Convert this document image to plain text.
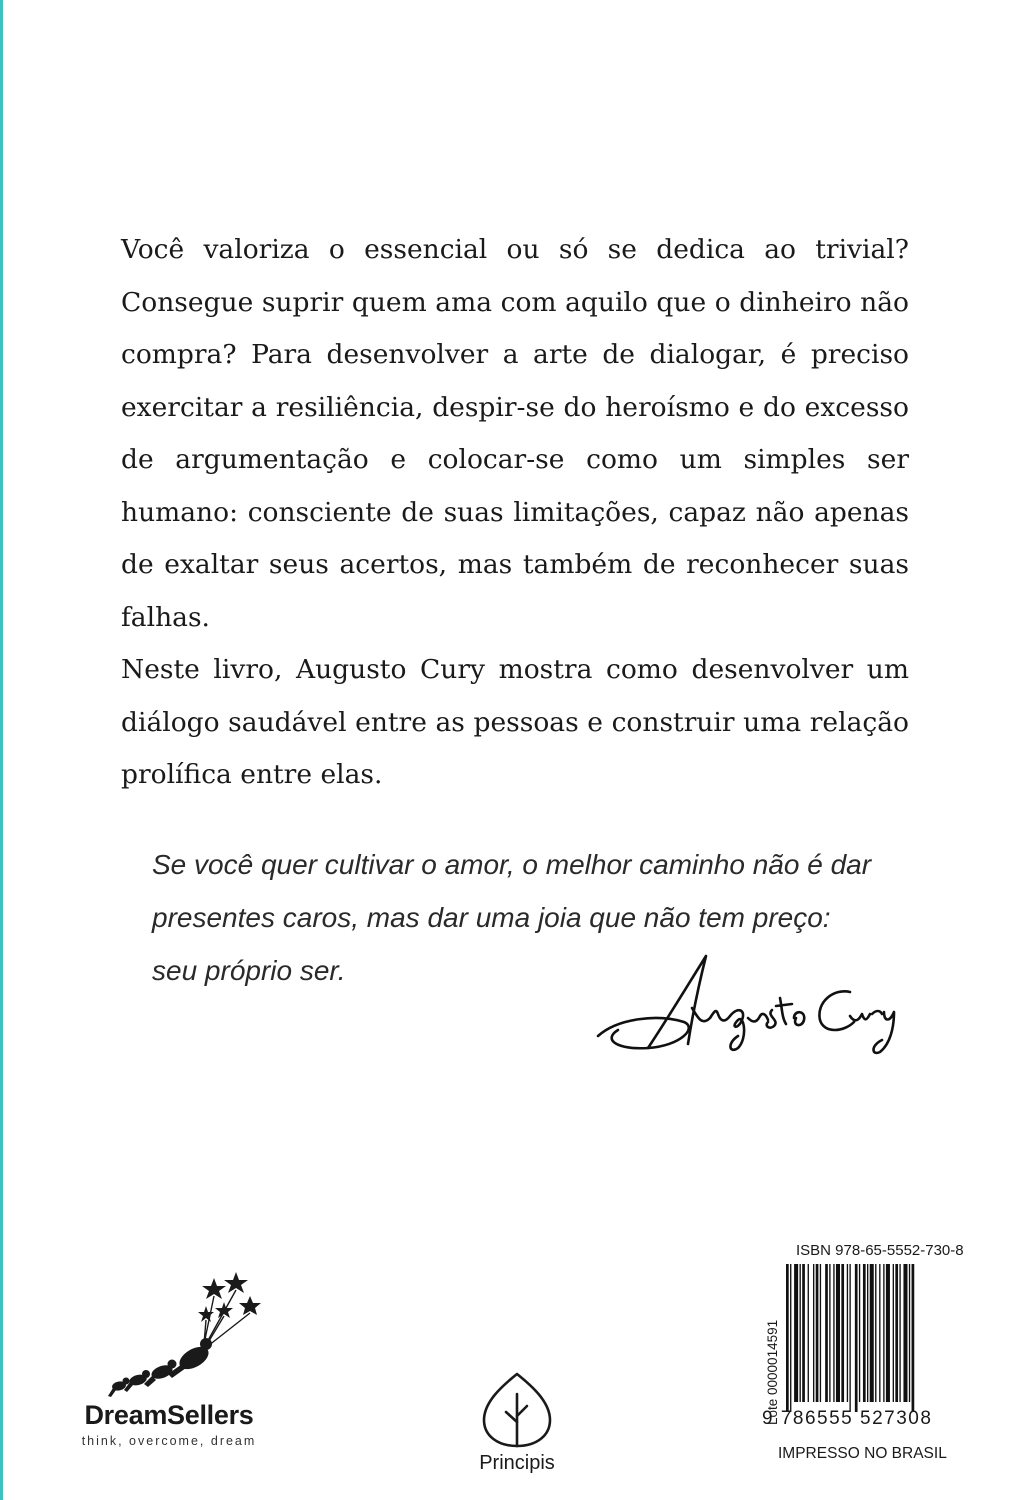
Você valoriza o essencial ou só se dedica ao trivial? Consegue suprir quem ama com aquilo que o dinheiro não compra? Para desenvolver a arte de dialogar, é preciso exercitar a resiliência, despir-se do heroísmo e do excesso de argumentação e colocar-se como um simples ser humano: consciente de suas limitações, capaz não apenas de exaltar seus acertos, mas também de reconhecer suas falhas.

Neste livro, Augusto Cury mostra como desenvolver um diálogo saudável entre as pessoas e construir uma relação prolífica entre elas.

Se você quer cultivar o amor, o melhor caminho não é dar presentes caros, mas dar uma joia que não tem preço: seu próprio ser.

DreamSellers
think, overcome, dream
Principis
ISBN 978-65-5552-730-8
Lote 0000014591
9 786555 527308
IMPRESSO NO BRASIL
